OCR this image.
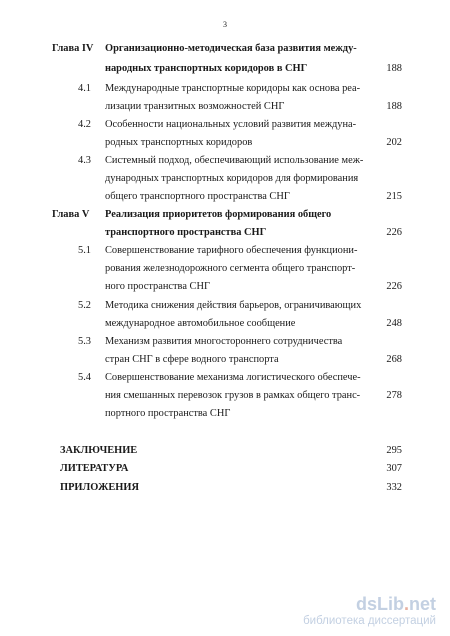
3
Глава IV Организационно-методическая база развития между-
народных транспортных коридоров в СНГ	188
4.1 Международные транспортные коридоры как основа реа-
лизации транзитных возможностей СНГ	188
4.2 Особенности национальных условий развития междуна-
родных транспортных коридоров	202
4.3 Системный подход, обеспечивающий использование меж-
дународных транспортных коридоров для формирования
общего транспортного пространства СНГ	215
Глава V Реализация приоритетов формирования общего
транспортного пространства СНГ	226
5.1 Совершенствование тарифного обеспечения функциони-
рования железнодорожного сегмента общего транспорт-
ного пространства СНГ	226
5.2 Методика снижения действия барьеров, ограничивающих
международное автомобильное сообщение	248
5.3 Механизм развития многостороннего сотрудничества
стран СНГ в сфере водного транспорта	268
5.4 Совершенствование механизма логистического обеспече-
ния смешанных перевозок грузов в рамках общего транс-	278
портного пространства СНГ
ЗАКЛЮЧЕНИЕ	295
ЛИТЕРАТУРА	307
ПРИЛОЖЕНИЯ	332
dsLib.net
библиотека диссертаций
